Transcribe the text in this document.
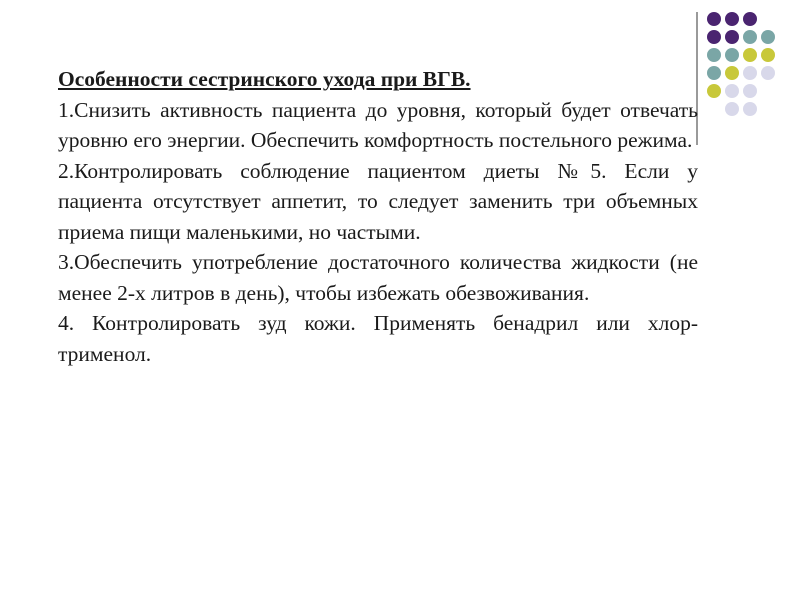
Особенности сестринского ухода при ВГВ.

1.Снизить активность пациента до уровня, который будет отвечать уровню его энергии. Обеспечить комфортность постельного режима.

2.Контролировать соблюдение пациентом диеты №5. Если у пациента отсутствует аппетит, то следует заменить три объемных приема пищи маленькими, но частыми.

3.Обеспечить употребление достаточного количества жидкости (не менее 2-х литров в день), чтобы избежать обезвоживания.

4. Контролировать зуд кожи. Применять бенадрил или хлор-трименол.
